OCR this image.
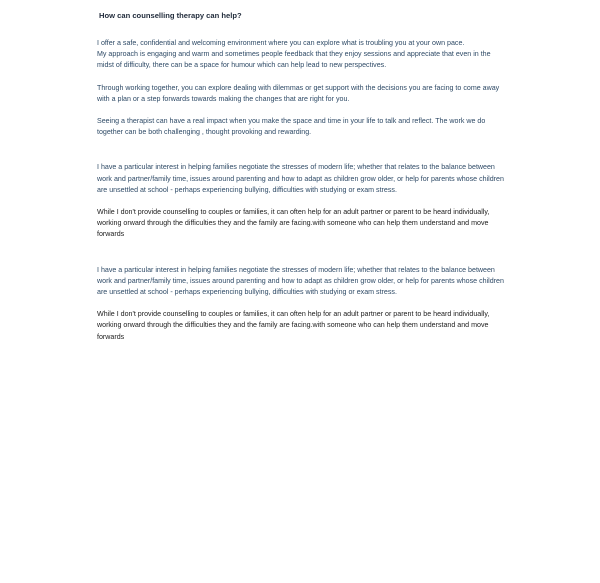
How can counselling therapy can help?

I offer a safe, confidential and welcoming environment where you can explore what is troubling you at your own pace.
My approach is engaging and warm and sometimes people feedback that they enjoy sessions and appreciate that even in the midst of difficulty, there can be a space for humour which can help lead to new perspectives.

Through working together, you can explore dealing with dilemmas or get support with the decisions you are facing to come away with a plan or a step forwards towards making the changes that are right for you.

Seeing a therapist can have a real impact when you make the space and time in your life to talk and reflect. The work we do together can be both challenging , thought provoking and rewarding.

I have a particular interest in helping families negotiate the stresses of modern life; whether that relates to the balance between work and partner/family time, issues around parenting and how to adapt as children grow older, or help for parents whose children are unsettled at school - perhaps experiencing bullying, difficulties with studying or exam stress.

While I don't provide counselling to couples or families, it can often help for an adult partner or parent to be heard individually, working orward through the difficulties they and the family are facing.with someone who can help them understand and move forwards

I have a particular interest in helping families negotiate the stresses of modern life; whether that relates to the balance between work and partner/family time, issues around parenting and how to adapt as children grow older, or help for parents whose children are unsettled at school - perhaps experiencing bullying, difficulties with studying or exam stress.

While I don't provide counselling to couples or families, it can often help for an adult partner or parent to be heard individually, working orward through the difficulties they and the family are facing.with someone who can help them understand and move forwards
